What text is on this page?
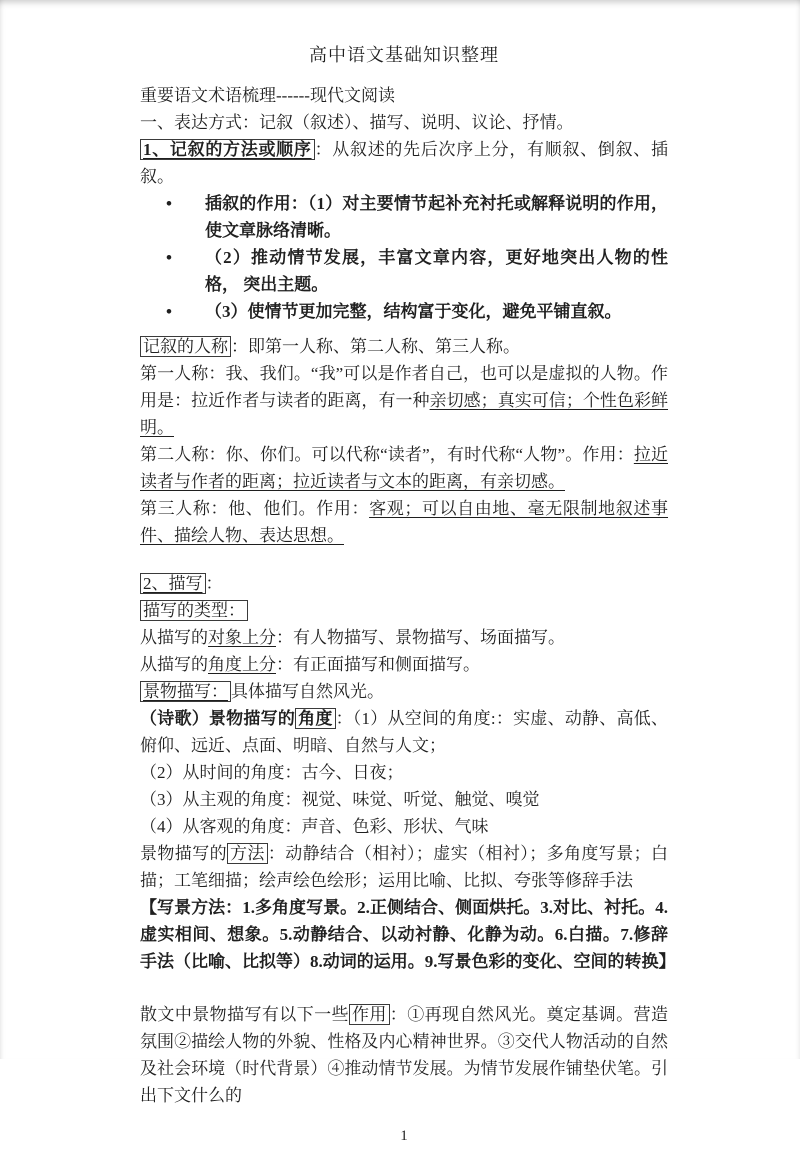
高中语文基础知识整理

重要语文术语梳理------现代文阅读

一、表达方式：记叙（叙述）、描写、说明、议论、抒情。

1、记叙的方法或顺序 ：从叙述的先后次序上分，有顺叙、倒叙、插叙。

•	插叙的作用：（1）对主要情节起补充衬托或解释说明的作用， 使文章脉络清晰。
•	（2）推动情节发展，丰富文章内容，更好地突出人物的性格， 突出主题。
•	（3）使情节更加完整，结构富于变化，避免平铺直叙。

记叙的人称 ：即第一人称、第二人称、第三人称。

第一人称：我、我们。“我”可以是作者自己，也可以是虚拟的人物。作用是：拉近作者与读者的距离，有一种亲切感；真实可信；个性色彩鲜明。

第二人称：你、你们。可以代称“读者”，有时代称“人物”。作用：拉近读者与作者的距离；拉近读者与文本的距离，有亲切感。

第三人称：他、他们。作用：客观；可以自由地、毫无限制地叙述事件、描绘人物、表达思想。

2、描写 ：

描写的类型：

从描写的对象上分：有人物描写、景物描写、场面描写。

从描写的角度上分：有正面描写和侧面描写。

景物描写： 具体描写自然风光。

（诗歌）景物描写的 角度 ：（1）从空间的角度:：实虚、动静、高低、俯仰、远近、点面、明暗、自然与人文；

（2）从时间的角度：古今、日夜；

（3）从主观的角度：视觉、味觉、听觉、触觉、嗅觉

（4）从客观的角度：声音、色彩、形状、气味

景物描写的 方法 ：动静结合（相衬）；虚实（相衬）；多角度写景；白描；工笔细描；绘声绘色绘形；运用比喻、比拟、夸张等修辞手法

【写景方法：1.多角度写景。2.正侧结合、侧面烘托。3.对比、衬托。4.虚实相间、想象。5.动静结合、以动衬静、化静为动。6.白描。7.修辞手法（比喻、比拟等）8.动词的运用。9.写景色彩的变化、空间的转换】

散文中景物描写有以下一些 作用 ：①再现自然风光。奠定基调。营造氛围②描绘人物的外貌、性格及内心精神世界。③交代人物活动的自然及社会环境（时代背景）④推动情节发展。为情节发展作铺垫伏笔。引出下文什么的

1
